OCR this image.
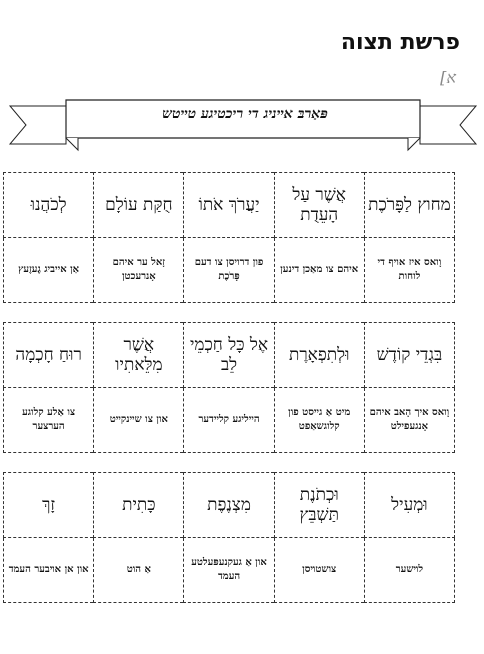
פרשת תצוה
א]
פּאַרבּ אײניג די ריכטיגע טײטש
מחוץ לַפָּרֹכֶת	אֲשֶׁר עַל הָעֵדֻת	יַעֲרֹךְ אֹתוֹ	חֻקַּת עוֹלָם	לְכֹהֲנוּ
וָואס איז אויף די לוחות	איהם צו מאַכן דינען	פון דרויסן צו דעם פָּרֹכֶת	זָאל ער איהם אָנרעכטן	אַן אייביג גֶעזֶעץ
בִּגְדֵי קוֹדֶשׁ	וּלְתִפְאָרֶת	אֶל כָּל חַכְמֵי לֵב	אֲשֶׁר מִלֵּאתִיו	רוּחַ חָכְמָה
וָואס איך הָאב איהם אָנגעפילט	מיט אַ גײסט פון קלוגשאַפט	הײליגע קלײדער	און צו שײנקײט	צו אַלע קלוגע הערצער
וּמְעִיל	וּכְתֹנֶת תַּשְׁבֵּץ	מִצְנֶפֶת	כָּתִית	זָךְ
לױשער	צושטױסן	און אַ געקנעפּעלטע העמד	אַ הוט	און אן אױבער העמד
